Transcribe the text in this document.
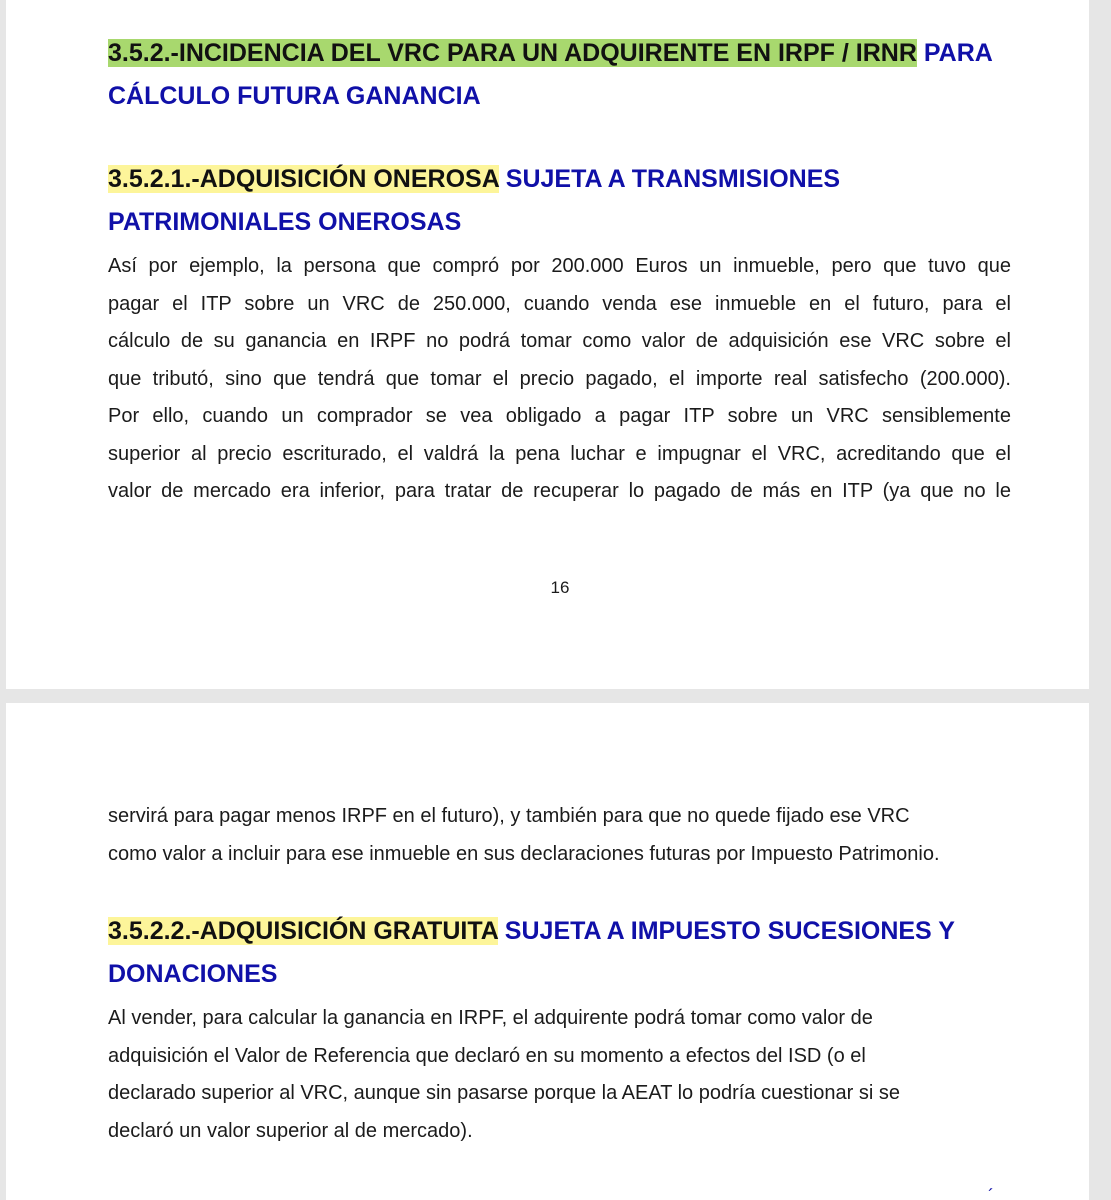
3.5.2.-INCIDENCIA DEL VRC PARA UN ADQUIRENTE EN IRPF / IRNR PARA
CÁLCULO FUTURA GANANCIA
3.5.2.1.-ADQUISICIÓN ONEROSA SUJETA A TRANSMISIONES
PATRIMONIALES ONEROSAS

Así por ejemplo, la persona que compró por 200.000 Euros un inmueble, pero que tuvo que
pagar el ITP sobre un VRC de 250.000, cuando venda ese inmueble en el futuro, para el
cálculo de su ganancia en IRPF no podrá tomar como valor de adquisición ese VRC sobre el
que tributó, sino que tendrá que tomar el precio pagado, el importe real satisfecho (200.000).
Por ello, cuando un comprador se vea obligado a pagar ITP sobre un VRC sensiblemente
superior al precio escriturado, el valdrá la pena luchar e impugnar el VRC, acreditando que el
valor de mercado era inferior, para tratar de recuperar lo pagado de más en ITP (ya que no le

16

servirá para pagar menos IRPF en el futuro), y también para que no quede fijado ese VRC
como valor a incluir para ese inmueble en sus declaraciones futuras por Impuesto Patrimonio.

3.5.2.2.-ADQUISICIÓN GRATUITA SUJETA A IMPUESTO SUCESIONES Y
DONACIONES

Al vender, para calcular la ganancia en IRPF, el adquirente podrá tomar como valor de
adquisición el Valor de Referencia que declaró en su momento a efectos del ISD (o el
declarado superior al VRC, aunque sin pasarse porque la AEAT lo podría cuestionar si se
declaró un valor superior al de mercado).

´
